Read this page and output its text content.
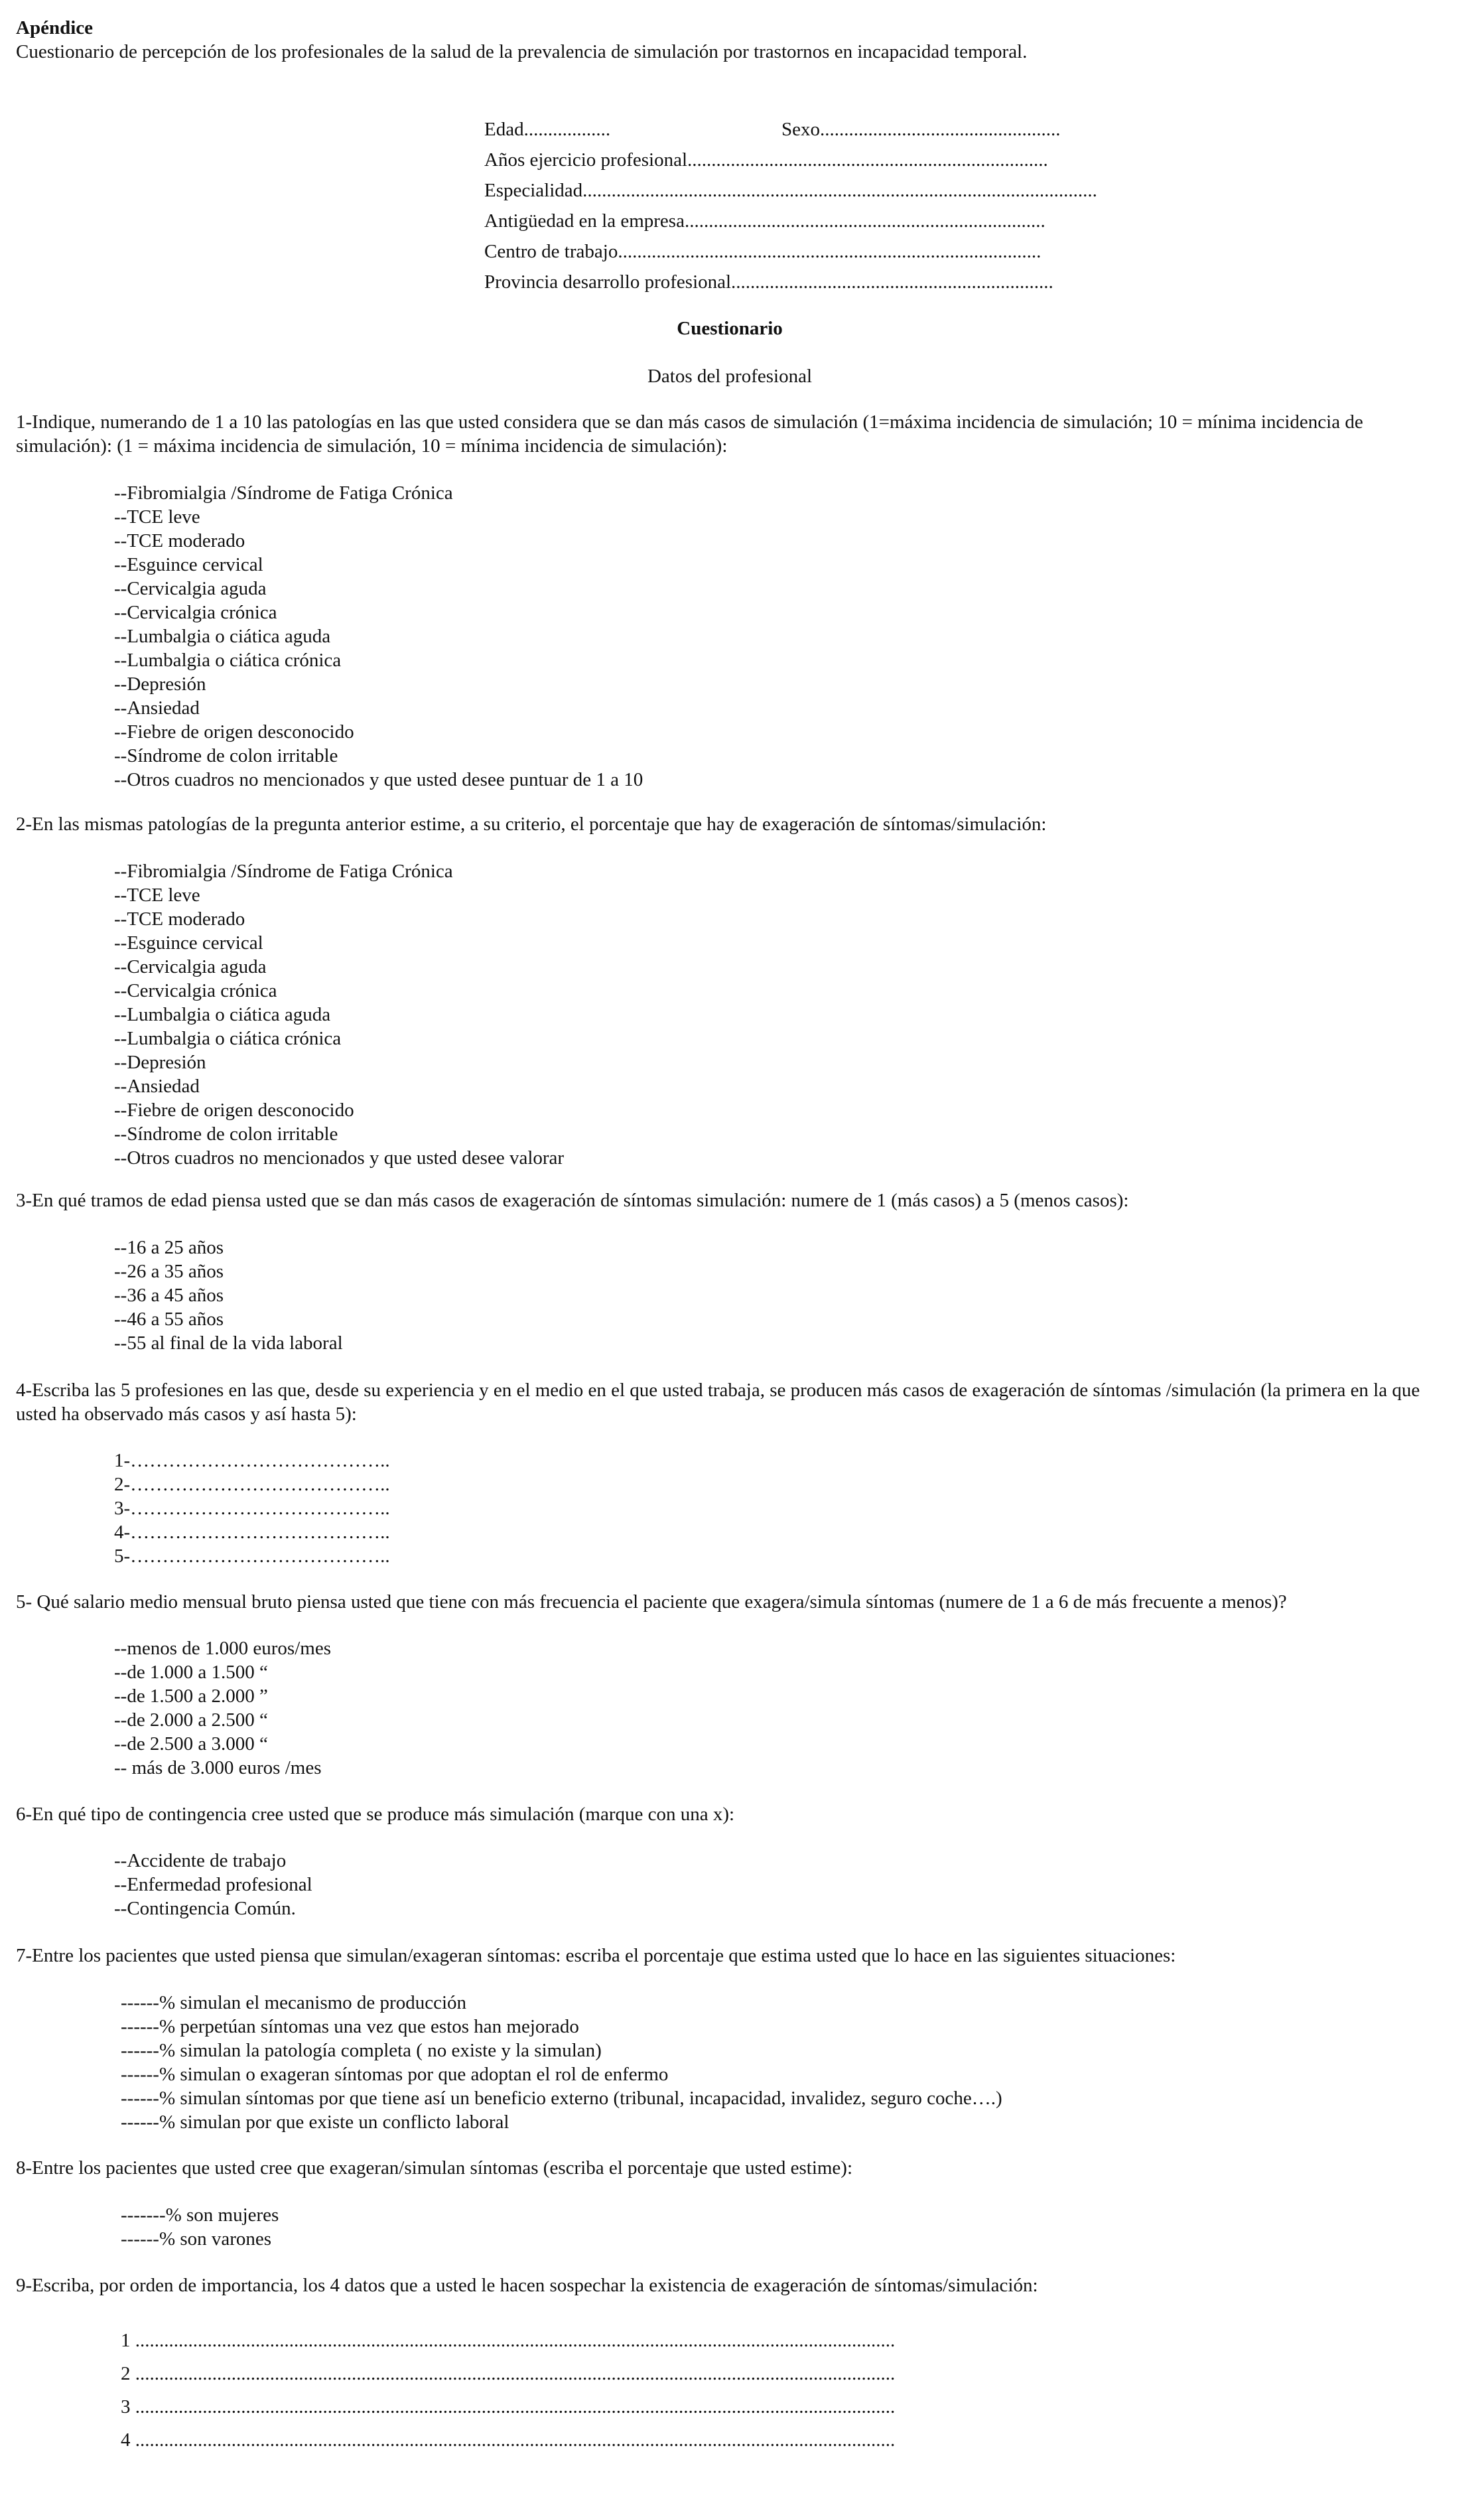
Apéndice
Cuestionario de percepción de los profesionales de la salud de la prevalencia de simulación por trastornos en incapacidad temporal.
Edad..................	Sexo..................................................
Años ejercicio profesional...........................................................................
Especialidad...........................................................................................................
Antigüedad en la empresa...........................................................................
Centro de trabajo........................................................................................
Provincia desarrollo profesional...................................................................
Cuestionario
Datos del profesional
1-Indique, numerando de 1 a 10 las patologías en las que usted considera que se dan más casos de simulación (1=máxima incidencia de simulación; 10 = mínima incidencia de simulación): (1 = máxima incidencia de simulación, 10 = mínima incidencia de simulación):
--Fibromialgia /Síndrome de Fatiga Crónica
--TCE leve
--TCE moderado
--Esguince cervical
--Cervicalgia aguda
--Cervicalgia crónica
--Lumbalgia o ciática aguda
--Lumbalgia o ciática crónica
--Depresión
--Ansiedad
--Fiebre de origen desconocido
--Síndrome de colon irritable
--Otros cuadros no mencionados y que usted desee puntuar de 1 a 10
2-En las mismas patologías de la pregunta anterior estime, a su criterio, el porcentaje que hay de exageración de síntomas/simulación:
--Fibromialgia /Síndrome de Fatiga Crónica
--TCE leve
--TCE moderado
--Esguince cervical
--Cervicalgia aguda
--Cervicalgia crónica
--Lumbalgia o ciática aguda
--Lumbalgia o ciática crónica
--Depresión
--Ansiedad
--Fiebre de origen desconocido
--Síndrome de colon irritable
--Otros cuadros no mencionados y que usted desee valorar
3-En qué tramos de edad piensa usted que se dan más casos de exageración de síntomas simulación: numere de 1 (más casos) a 5 (menos casos):
--16 a 25 años
--26 a 35 años
--36 a 45 años
--46 a 55 años
--55 al final de la vida laboral
4-Escriba las 5 profesiones en las que, desde su experiencia y en el medio en el que usted trabaja, se producen más casos de exageración de síntomas /simulación (la primera en la que usted ha observado más casos y así hasta 5):
1-…………………………………..
2-…………………………………..
3-…………………………………..
4-…………………………………..
5-…………………………………..
5- Qué salario medio mensual bruto piensa usted que tiene con más frecuencia el paciente que exagera/simula síntomas (numere de 1 a 6 de más frecuente a menos)?
--menos de 1.000 euros/mes
--de 1.000 a 1.500 “
--de 1.500 a 2.000 ”
--de 2.000 a 2.500 “
--de 2.500 a 3.000 “
-- más de 3.000 euros /mes
6-En qué tipo de contingencia cree usted que se produce más simulación (marque con una x):
--Accidente de trabajo
--Enfermedad profesional
--Contingencia Común.
7-Entre los pacientes que usted piensa que simulan/exageran síntomas: escriba el porcentaje que estima usted que lo hace en las siguientes situaciones:
------% simulan el mecanismo de producción
------% perpetúan síntomas una vez que estos han mejorado
------% simulan la patología completa ( no existe y la simulan)
------% simulan o exageran síntomas por que adoptan el rol de enfermo
------% simulan síntomas por que tiene así un beneficio externo (tribunal, incapacidad, invalidez, seguro coche….)
------% simulan por que existe un conflicto laboral
8-Entre los pacientes que usted cree que exageran/simulan síntomas (escriba el porcentaje que usted estime):
-------% son mujeres
------% son varones
9-Escriba, por orden de importancia, los 4 datos que a usted le hacen sospechar la existencia de exageración de síntomas/simulación:
1 ..............................................................................................................................................................
2 ..............................................................................................................................................................
3 ..............................................................................................................................................................
4 ..............................................................................................................................................................
